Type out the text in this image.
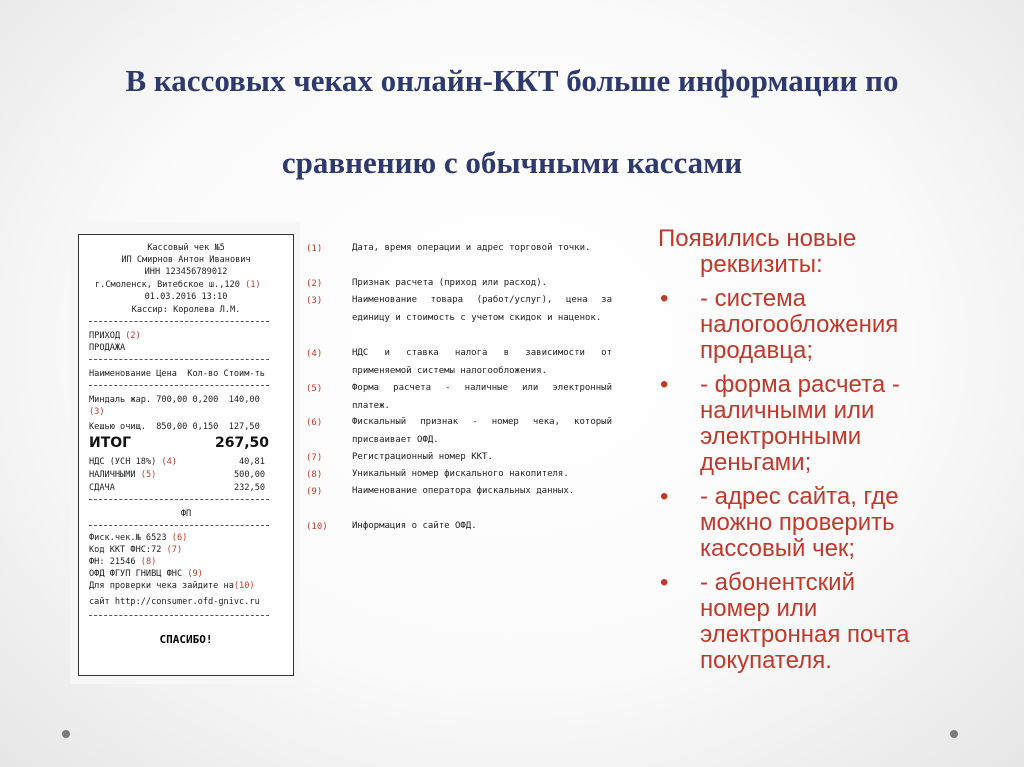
В кассовых чеках онлайн-ККТ больше информации по
сравнению с обычными кассами
Кассовый чек №5
ИП Смирнов Антон Иванович
ИНН 123456789012
г.Смоленск, Витебское ш.,120 (1)
01.03.2016 13:10
Кассир: Королева Л.М.
ПРИХОД (2)
ПРОДАЖА
Наименование Цена  Кол-во Стоим-ть
Миндаль жар. 700,00 0,200  140,00
(3)
Кешью очищ.  850,00 0,150  127,50
ИТОГ	267,50
НДС (УСН 18%) (4)	40,81
НАЛИЧНЫМИ (5)	500,00
СДАЧА	232,50
ФП
Фиск.чек.№ 6523 (6)
Код ККТ ФНС:72 (7)
ФН: 21546 (8)
ОФД ФГУП ГНИВЦ ФНС (9)
Для проверки чека зайдите на(10)
сайт http://consumer.ofd-gnivc.ru
СПАСИБО!
(1)	Дата, время операции и адрес торговой точки.
(2)	Признак расчета (приход или расход).
(3)	Наименование товара (работ/услуг), цена за единицу и стоимость с учетом скидок и наценок.
(4)	НДС и ставка налога в зависимости от применяемой системы налогообложения.
(5)	Форма расчета - наличные или электронный платеж.
(6)	Фискальный признак - номер чека, который присваивает ОФД.
(7)	Регистрационный номер ККТ.
(8)	Уникальный номер фискального накопителя.
(9)	Наименование оператора фискальных данных.
(10)	Информация о сайте ОФД.
Появились новые
реквизиты:
• - система
налогообложения
продавца;
• - форма расчета -
наличными или
электронными
деньгами;
• - адрес сайта, где
можно проверить
кассовый чек;
• - абонентский
номер или
электронная почта
покупателя.
